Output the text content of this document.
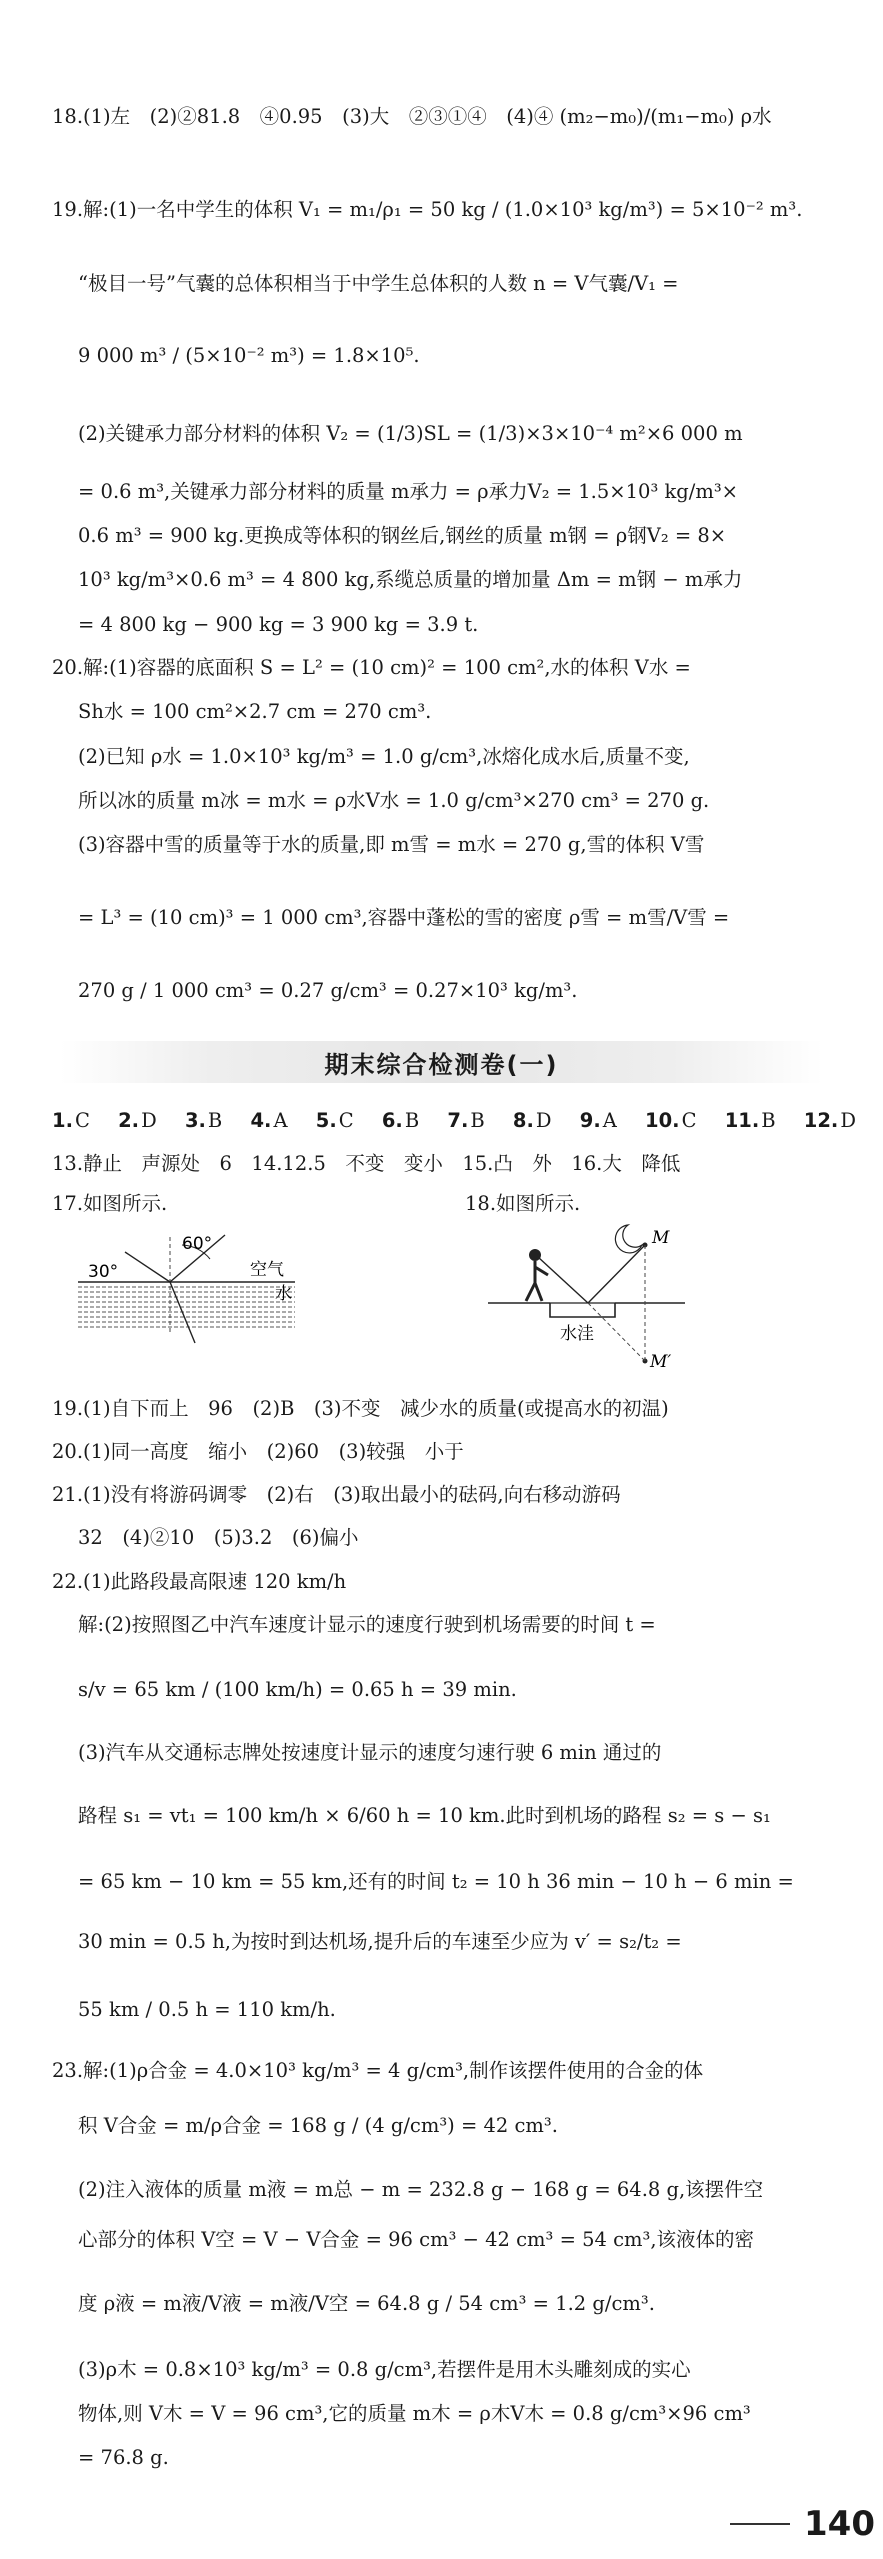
18.(1)左　(2)②81.8　④0.95　(3)大　②③①④　(4)④ (m₂−m₀)/(m₁−m₀) ρ水
19.解:(1)一名中学生的体积 V₁ = m₁/ρ₁ = 50 kg / (1.0×10³ kg/m³) = 5×10⁻² m³.
“极目一号”气囊的总体积相当于中学生总体积的人数 n = V气囊/V₁ =
9 000 m³ / (5×10⁻² m³) = 1.8×10⁵.
(2)关键承力部分材料的体积 V₂ = (1/3)SL = (1/3)×3×10⁻⁴ m²×6 000 m
= 0.6 m³,关键承力部分材料的质量 m承力 = ρ承力V₂ = 1.5×10³ kg/m³×
0.6 m³ = 900 kg.更换成等体积的钢丝后,钢丝的质量 m钢 = ρ钢V₂ = 8×
10³ kg/m³×0.6 m³ = 4 800 kg,系缆总质量的增加量 Δm = m钢 − m承力
= 4 800 kg − 900 kg = 3 900 kg = 3.9 t.
20.解:(1)容器的底面积 S = L² = (10 cm)² = 100 cm²,水的体积 V水 =
Sh水 = 100 cm²×2.7 cm = 270 cm³.
(2)已知 ρ水 = 1.0×10³ kg/m³ = 1.0 g/cm³,冰熔化成水后,质量不变,
所以冰的质量 m冰 = m水 = ρ水V水 = 1.0 g/cm³×270 cm³ = 270 g.
(3)容器中雪的质量等于水的质量,即 m雪 = m水 = 270 g,雪的体积 V雪
= L³ = (10 cm)³ = 1 000 cm³,容器中蓬松的雪的密度 ρ雪 = m雪/V雪 =
270 g / 1 000 cm³ = 0.27 g/cm³ = 0.27×10³ kg/m³.
期末综合检测卷(一)
1. C 2. D 3. B 4. A 5. C 6. B 7. B 8. D 9. A 10. C 11. B 12. D
13.静止　声源处　6　14.12.5　不变　变小　15.凸　外　16.大　降低
17.如图所示.	18.如图所示.
30°
60°
空气
水
M
M′
水洼
19.(1)自下而上　96　(2)B　(3)不变　减少水的质量(或提高水的初温)
20.(1)同一高度　缩小　(2)60　(3)较强　小于
21.(1)没有将游码调零　(2)右　(3)取出最小的砝码,向右移动游码
32　(4)②10　(5)3.2　(6)偏小
22.(1)此路段最高限速 120 km/h
解:(2)按照图乙中汽车速度计显示的速度行驶到机场需要的时间 t =
s/v = 65 km / (100 km/h) = 0.65 h = 39 min.
(3)汽车从交通标志牌处按速度计显示的速度匀速行驶 6 min 通过的
路程 s₁ = vt₁ = 100 km/h × 6/60 h = 10 km.此时到机场的路程 s₂ = s − s₁
= 65 km − 10 km = 55 km,还有的时间 t₂ = 10 h 36 min − 10 h − 6 min =
30 min = 0.5 h,为按时到达机场,提升后的车速至少应为 v′ = s₂/t₂ =
55 km / 0.5 h = 110 km/h.
23.解:(1)ρ合金 = 4.0×10³ kg/m³ = 4 g/cm³,制作该摆件使用的合金的体
积 V合金 = m/ρ合金 = 168 g / (4 g/cm³) = 42 cm³.
(2)注入液体的质量 m液 = m总 − m = 232.8 g − 168 g = 64.8 g,该摆件空
心部分的体积 V空 = V − V合金 = 96 cm³ − 42 cm³ = 54 cm³,该液体的密
度 ρ液 = m液/V液 = m液/V空 = 64.8 g / 54 cm³ = 1.2 g/cm³.
(3)ρ木 = 0.8×10³ kg/m³ = 0.8 g/cm³,若摆件是用木头雕刻成的实心
物体,则 V木 = V = 96 cm³,它的质量 m木 = ρ木V木 = 0.8 g/cm³×96 cm³
= 76.8 g.
140
